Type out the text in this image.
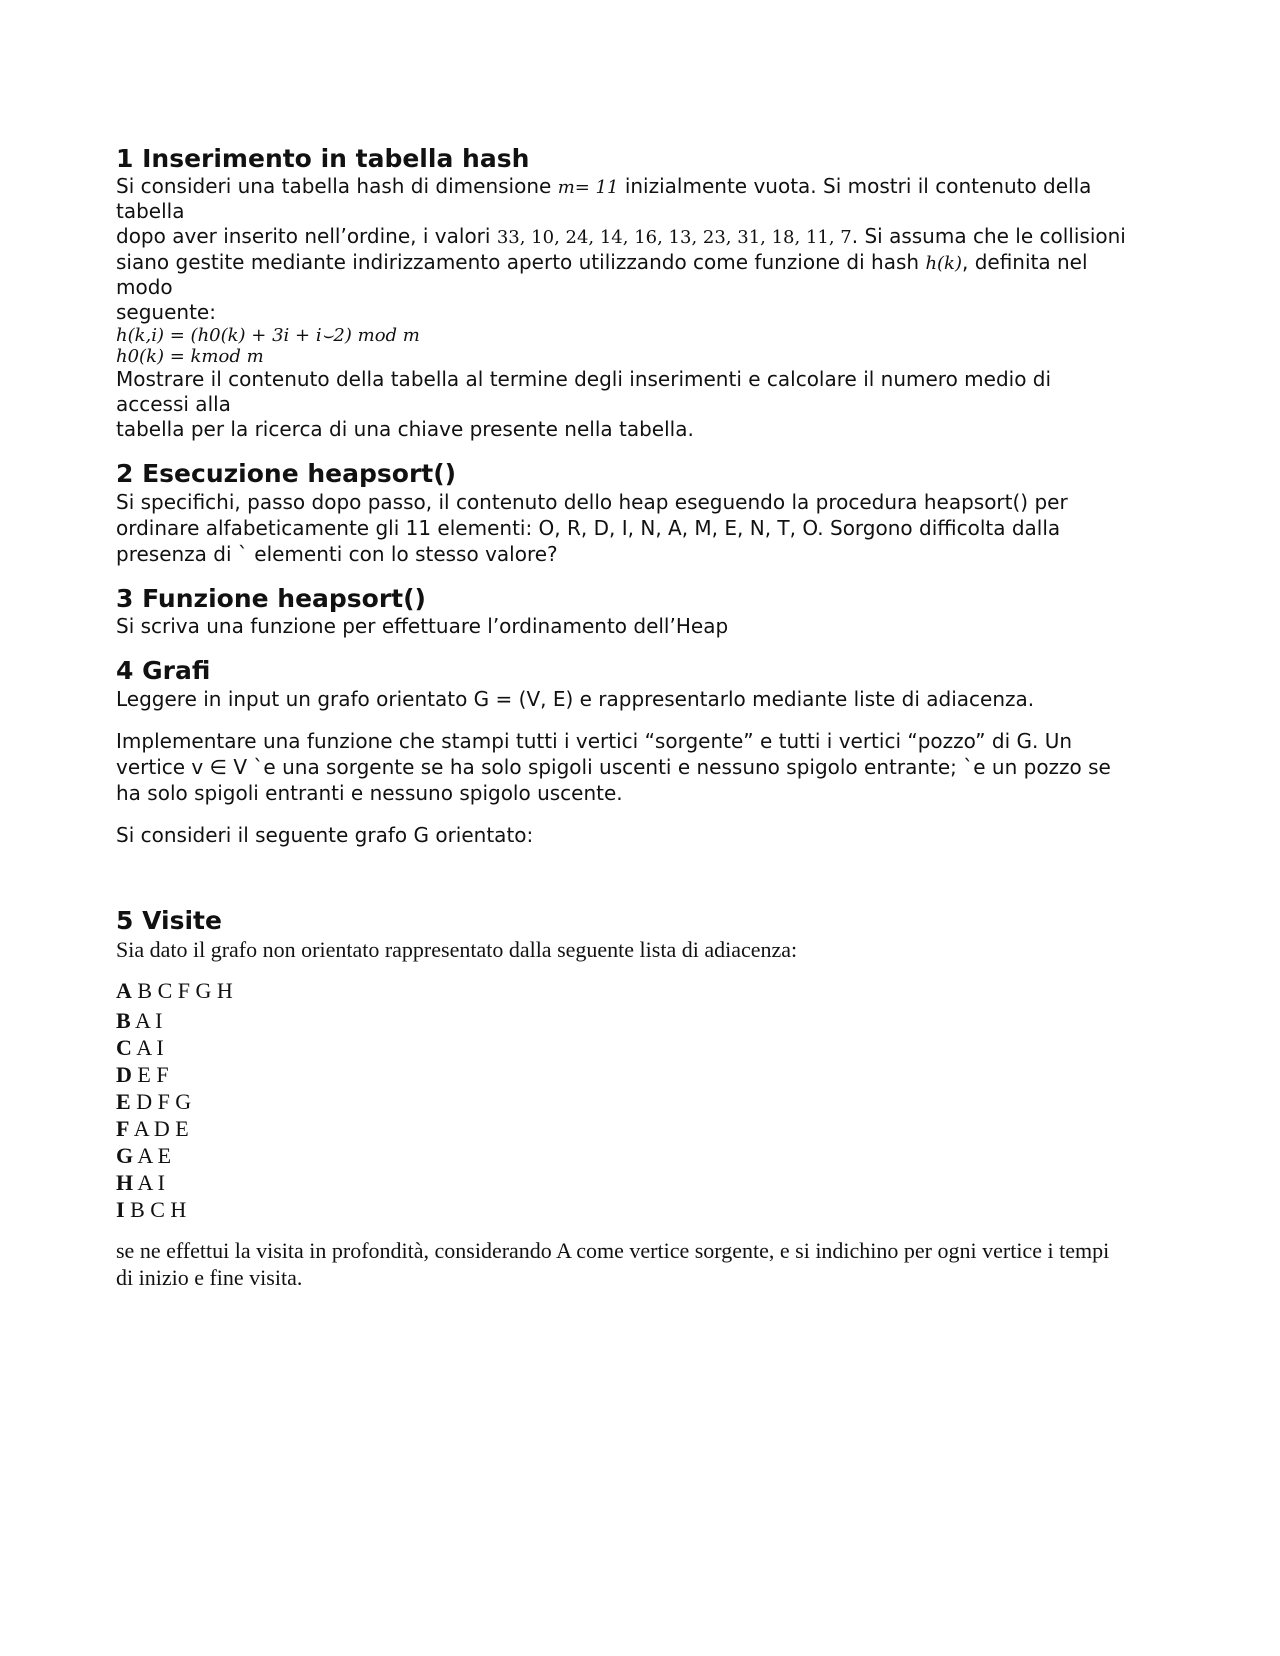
1 Inserimento in tabella hash

Si consideri una tabella hash di dimensione m= 11 inizialmente vuota. Si mostri il contenuto della

tabella

dopo aver inserito nell’ordine, i valori 33, 10, 24, 14, 16, 13, 23, 31, 18, 11, 7. Si assuma che le collisioni

siano gestite mediante indirizzamento aperto utilizzando come funzione di hash h(k), definita nel

modo

seguente:

h(k,i) = (h0(k) + 3i + i⌣2) mod m

h0(k) = kmod m

Mostrare il contenuto della tabella al termine degli inserimenti e calcolare il numero medio di

accessi alla

tabella per la ricerca di una chiave presente nella tabella.

2 Esecuzione heapsort()

Si specifichi, passo dopo passo, il contenuto dello heap eseguendo la procedura heapsort() per

ordinare alfabeticamente gli 11 elementi: O, R, D, I, N, A, M, E, N, T, O. Sorgono difficolta dalla

presenza di ` elementi con lo stesso valore?

3 Funzione heapsort()

Si scriva una funzione per effettuare l’ordinamento dell’Heap

4 Grafi

Leggere in input un grafo orientato G = (V, E) e rappresentarlo mediante liste di adiacenza.

Implementare una funzione che stampi tutti i vertici “sorgente” e tutti i vertici “pozzo” di G. Un

vertice v ∈ V `e una sorgente se ha solo spigoli uscenti e nessuno spigolo entrante; `e un pozzo se

ha solo spigoli entranti e nessuno spigolo uscente.

Si consideri il seguente grafo G orientato:

5 Visite

Sia dato il grafo non orientato rappresentato dalla seguente lista di adiacenza:

A B C F G H
B A I
C A I
D E F
E D F G
F A D E
G A E
H A I
I B C H

se ne effettui la visita in profondità, considerando A come vertice sorgente, e si indichino per ogni vertice i tempi

di inizio e fine visita.
